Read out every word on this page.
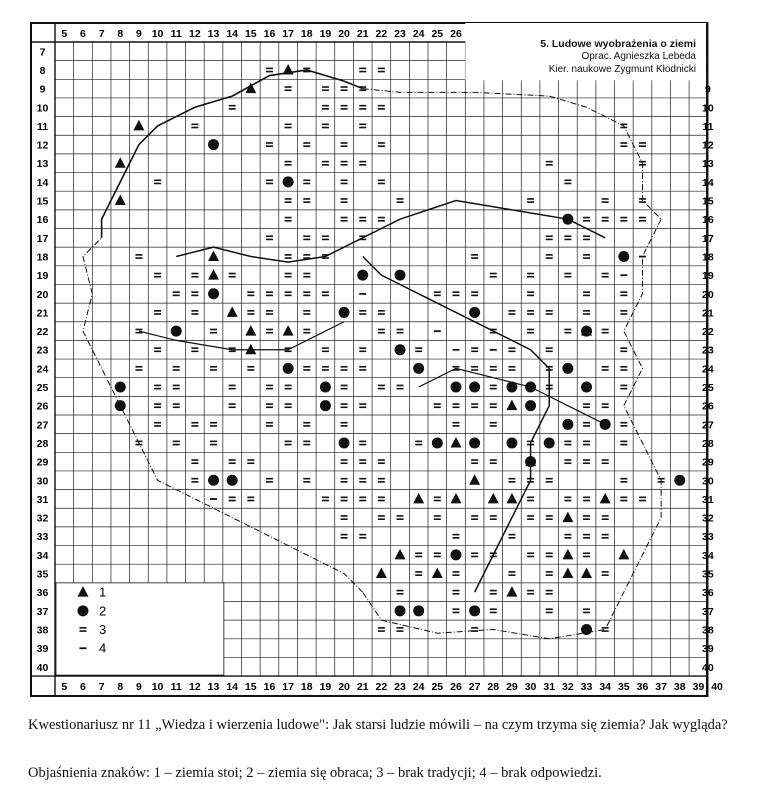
5 6 7 8 9 10 11 12 13 14 15 16 17 18 19 20 21 22 23 24 25 26
5 6 7 8 9 10 11 12 13 14 15 16 17 18 19 20 21 22 23 24 25 26 27 28 29 30 31 32 33 34 35 36 37 38 39 40
7
8
9
10
11
12
13
14
15
16
17
18
19
20
21
22
23
24
25
26
27
28
29
30
31
32
33
34
35
36
37
38
39
40
9
10
11
12
13
14
15
16
17
18
19
20
21
22
23
24
25
26
27
28
29
30
31
32
33
34
35
36
37
38
39
40
1
2
3
4
5. Ludowe wyobrażenia o ziemi
Oprac. Agnieszka Lebeda
Kier. naukowe Zygmunt Kłodnicki
Kwestionariusz nr 11 „Wiedza i wierzenia ludowe": Jak starsi ludzie mówili – na czym trzyma się ziemia? Jak wygląda?
Objaśnienia znaków: 1 – ziemia stoi; 2 – ziemia się obraca; 3 – brak tradycji; 4 – brak odpowiedzi.
